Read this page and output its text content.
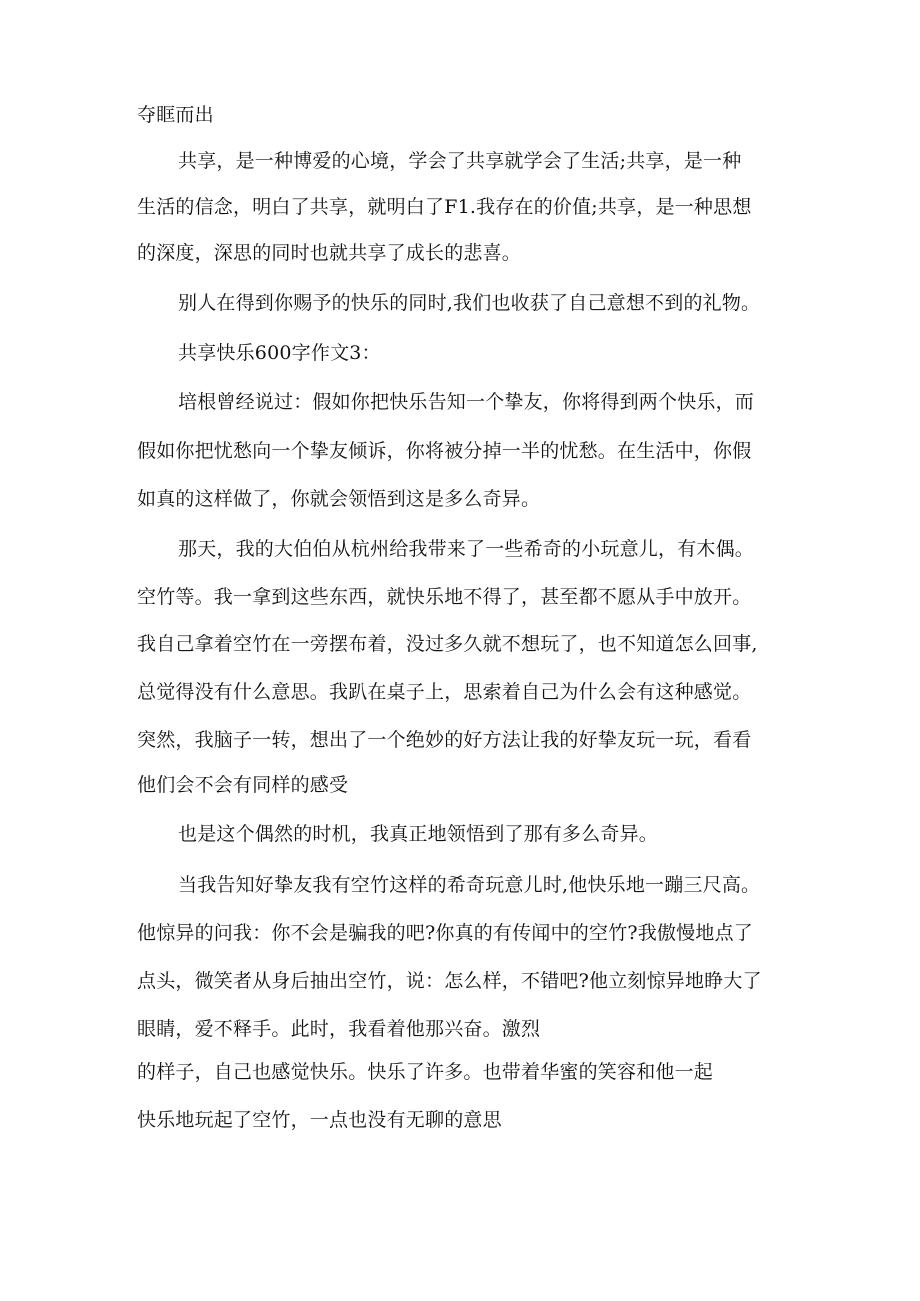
夺眶而出
共享，是一种博爱的心境，学会了共享就学会了生活;共享，是一种
生活的信念，明白了共享，就明白了F1.我存在的价值;共享，是一种思想
的深度，深思的同时也就共享了成长的悲喜。
别人在得到你赐予的快乐的同时,我们也收获了自己意想不到的礼物。
共享快乐600字作文3：
培根曾经说过：假如你把快乐告知一个挚友，你将得到两个快乐，而
假如你把忧愁向一个挚友倾诉，你将被分掉一半的忧愁。在生活中，你假
如真的这样做了，你就会领悟到这是多么奇异。
那天，我的大伯伯从杭州给我带来了一些希奇的小玩意儿，有木偶。
空竹等。我一拿到这些东西，就快乐地不得了，甚至都不愿从手中放开。
我自己拿着空竹在一旁摆布着，没过多久就不想玩了，也不知道怎么回事,
总觉得没有什么意思。我趴在桌子上，思索着自己为什么会有这种感觉。
突然，我脑子一转，想出了一个绝妙的好方法让我的好挚友玩一玩，看看
他们会不会有同样的感受
也是这个偶然的时机，我真正地领悟到了那有多么奇异。
当我告知好挚友我有空竹这样的希奇玩意儿时,他快乐地一蹦三尺高。
他惊异的问我：你不会是骗我的吧?你真的有传闻中的空竹?我傲慢地点了
点头，微笑者从身后抽出空竹，说：怎么样，不错吧?他立刻惊异地睁大了
眼睛，爱不释手。此时，我看着他那兴奋。激烈
的样子，自己也感觉快乐。快乐了许多。也带着华蜜的笑容和他一起
快乐地玩起了空竹，一点也没有无聊的意思
